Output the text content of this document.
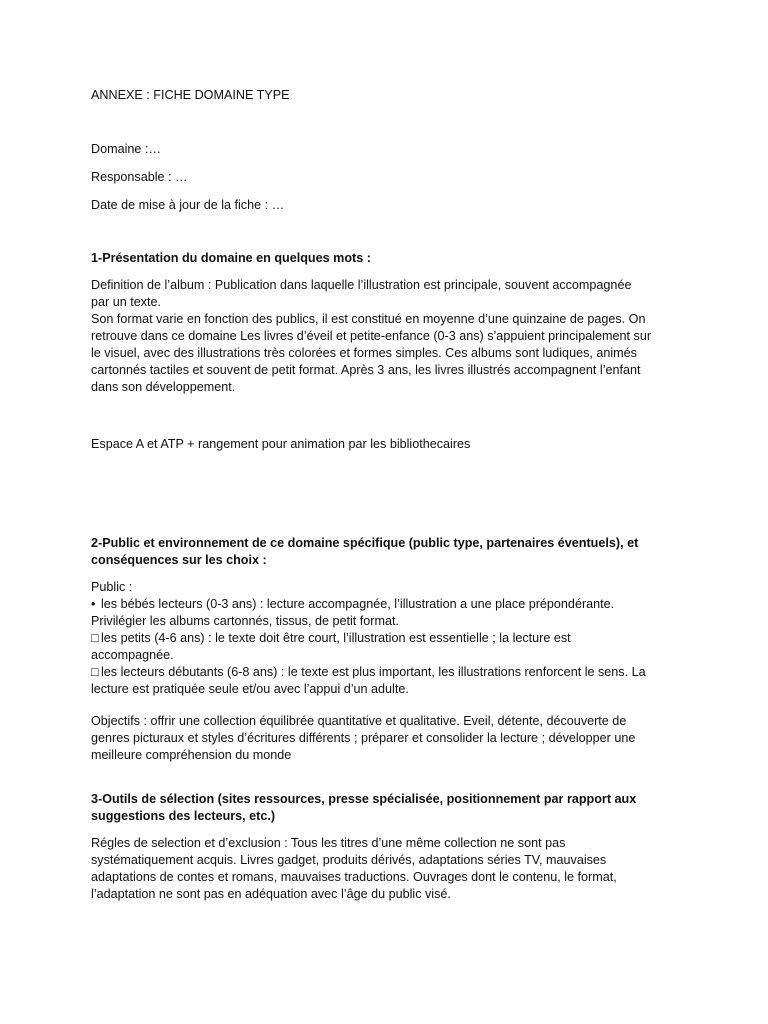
ANNEXE : FICHE DOMAINE TYPE

Domaine :…

Responsable : …

Date de mise à jour de la fiche : …

1-Présentation du domaine en quelques mots :

Definition de l’album : Publication dans laquelle l’illustration est principale, souvent accompagnée
par un texte.
Son format varie en fonction des publics, il est constitué en moyenne d’une quinzaine de pages. On
retrouve dans ce domaine Les livres d’éveil et petite-enfance (0-3 ans) s’appuient principalement sur
le visuel, avec des illustrations très colorées et formes simples. Ces albums sont ludiques, animés
cartonnés tactiles et souvent de petit format. Après 3 ans, les livres illustrés accompagnent l’enfant
dans son développement.

Espace A et ATP + rangement pour animation par les bibliothecaires

2-Public et environnement de ce domaine spécifique (public type, partenaires éventuels), et
conséquences sur les choix :
Public :
• les bébés lecteurs (0-3 ans) : lecture accompagnée, l’illustration a une place prépondérante.
Privilégier les albums cartonnés, tissus, de petit format.
□ les petits (4-6 ans) : le texte doit être court, l’illustration est essentielle ; la lecture est
accompagnée.
□ les lecteurs débutants (6-8 ans) : le texte est plus important, les illustrations renforcent le sens. La
lecture est pratiquée seule et/ou avec l’appui d’un adulte.
Objectifs : offrir une collection équilibrée quantitative et qualitative. Eveil, détente, découverte de
genres picturaux et styles d’écritures différents ; préparer et consolider la lecture ; développer une
meilleure compréhension du monde
3-Outils de sélection (sites ressources, presse spécialisée, positionnement par rapport aux
suggestions des lecteurs, etc.)
Régles de selection et d’exclusion : Tous les titres d’une même collection ne sont pas
systématiquement acquis. Livres gadget, produits dérivés, adaptations séries TV, mauvaises
adaptations de contes et romans, mauvaises traductions. Ouvrages dont le contenu, le format,
l’adaptation ne sont pas en adéquation avec l’âge du public visé.
